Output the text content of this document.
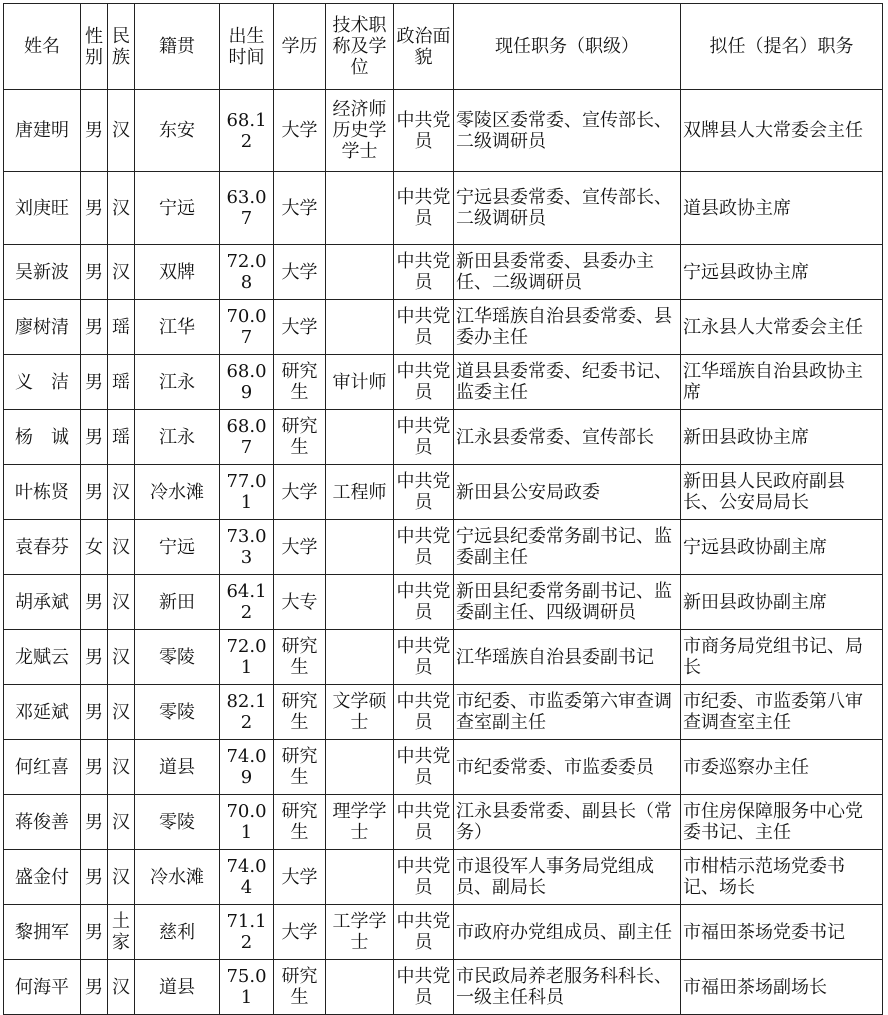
姓名	性别	民族	籍贯	出生时间	学历	技术职称及学位	政治面貌	现任职务（职级）	拟任（提名）职务
唐建明	男	汉	东安	68.12	大学	经济师历史学学士	中共党员	零陵区委常委、宣传部长、二级调研员	双牌县人大常委会主任
刘庚旺	男	汉	宁远	63.07	大学		中共党员	宁远县委常委、宣传部长、二级调研员	道县政协主席
吴新波	男	汉	双牌	72.08	大学		中共党员	新田县委常委、县委办主任、二级调研员	宁远县政协主席
廖树清	男	瑶	江华	70.07	大学		中共党员	江华瑶族自治县委常委、县委办主任	江永县人大常委会主任
义　洁	男	瑶	江永	68.09	研究生	审计师	中共党员	道县县委常委、纪委书记、监委主任	江华瑶族自治县政协主席
杨　诚	男	瑶	江永	68.07	研究生		中共党员	江永县委常委、宣传部长	新田县政协主席
叶栋贤	男	汉	冷水滩	77.01	大学	工程师	中共党员	新田县公安局政委	新田县人民政府副县长、公安局局长
袁春芬	女	汉	宁远	73.03	大学		中共党员	宁远县纪委常务副书记、监委副主任	宁远县政协副主席
胡承斌	男	汉	新田	64.12	大专		中共党员	新田县纪委常务副书记、监委副主任、四级调研员	新田县政协副主席
龙赋云	男	汉	零陵	72.01	研究生		中共党员	江华瑶族自治县委副书记	市商务局党组书记、局长
邓延斌	男	汉	零陵	82.12	研究生	文学硕士	中共党员	市纪委、市监委第六审查调查室副主任	市纪委、市监委第八审查调查室主任
何红喜	男	汉	道县	74.09	研究生		中共党员	市纪委常委、市监委委员	市委巡察办主任
蒋俊善	男	汉	零陵	70.01	研究生	理学学士	中共党员	江永县委常委、副县长（常务）	市住房保障服务中心党委书记、主任
盛金付	男	汉	冷水滩	74.04	大学		中共党员	市退役军人事务局党组成员、副局长	市柑桔示范场党委书记、场长
黎拥军	男	土家	慈利	71.12	大学	工学学士	中共党员	市政府办党组成员、副主任	市福田茶场党委书记
何海平	男	汉	道县	75.01	研究生		中共党员	市民政局养老服务科科长、一级主任科员	市福田茶场副场长
